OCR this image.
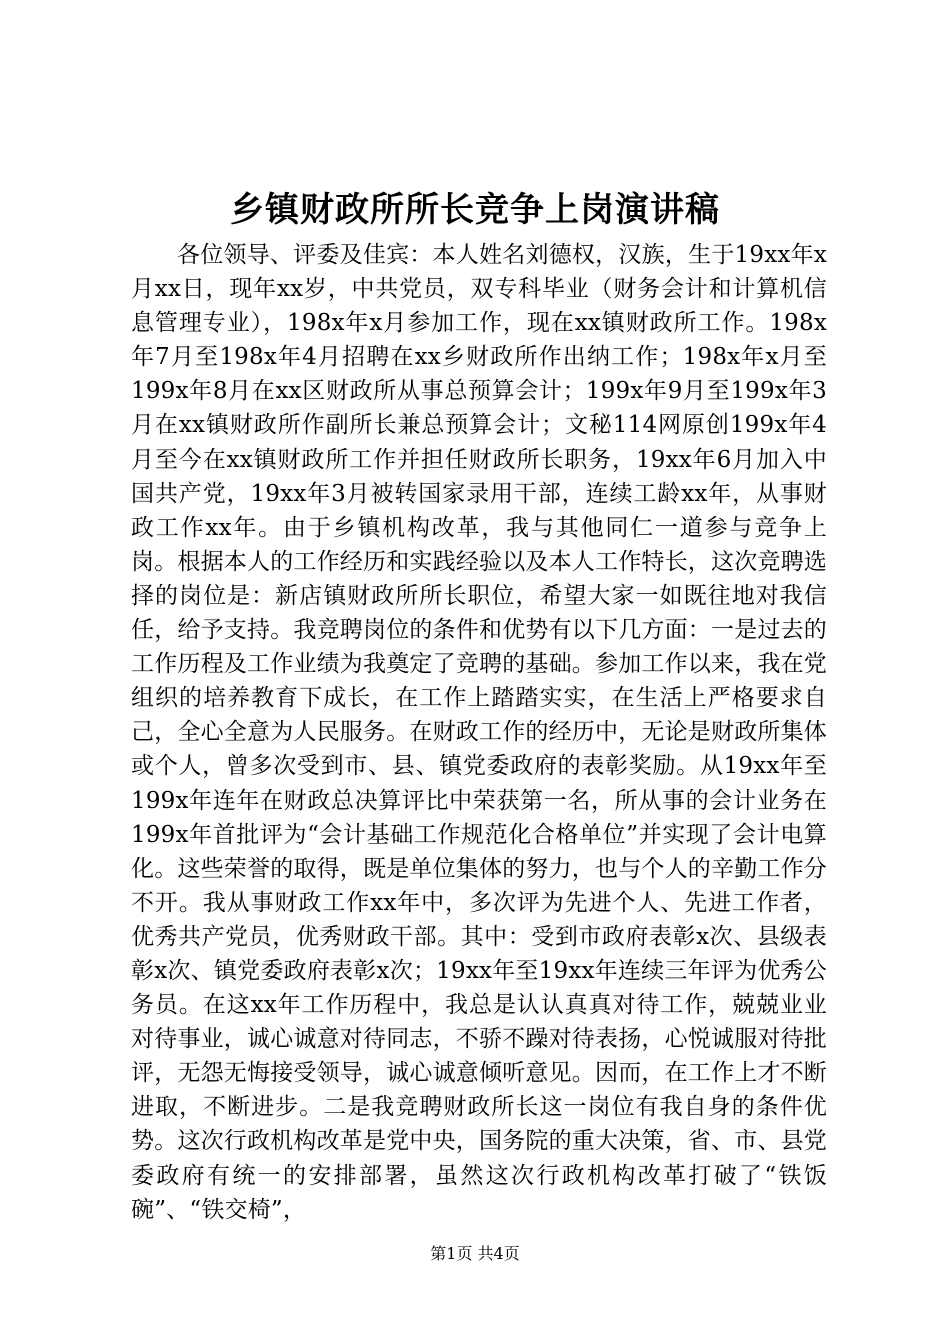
乡镇财政所所长竞争上岗演讲稿

各位领导、评委及佳宾：本人姓名刘德权，汉族，生于19xx年x月xx日，现年xx岁，中共党员，双专科毕业（财务会计和计算机信息管理专业），198x年x月参加工作，现在xx镇财政所工作。198x年7月至198x年4月招聘在xx乡财政所作出纳工作；198x年x月至199x年8月在xx区财政所从事总预算会计；199x年9月至199x年3月在xx镇财政所作副所长兼总预算会计；文秘114网原创199x年4月至今在xx镇财政所工作并担任财政所长职务，19xx年6月加入中国共产党，19xx年3月被转国家录用干部，连续工龄xx年，从事财政工作xx年。由于乡镇机构改革，我与其他同仁一道参与竞争上岗。根据本人的工作经历和实践经验以及本人工作特长，这次竞聘选择的岗位是：新店镇财政所所长职位，希望大家一如既往地对我信任，给予支持。我竞聘岗位的条件和优势有以下几方面：一是过去的工作历程及工作业绩为我奠定了竞聘的基础。参加工作以来，我在党组织的培养教育下成长，在工作上踏踏实实，在生活上严格要求自己，全心全意为人民服务。在财政工作的经历中，无论是财政所集体或个人，曾多次受到市、县、镇党委政府的表彰奖励。从19xx年至199x年连年在财政总决算评比中荣获第一名，所从事的会计业务在199x年首批评为“会计基础工作规范化合格单位”并实现了会计电算化。这些荣誉的取得，既是单位集体的努力，也与个人的辛勤工作分不开。我从事财政工作xx年中，多次评为先进个人、先进工作者，优秀共产党员，优秀财政干部。其中：受到市政府表彰x次、县级表彰x次、镇党委政府表彰x次；19xx年至19xx年连续三年评为优秀公务员。在这xx年工作历程中，我总是认认真真对待工作，兢兢业业对待事业，诚心诚意对待同志，不骄不躁对待表扬，心悦诚服对待批评，无怨无悔接受领导，诚心诚意倾听意见。因而，在工作上才不断进取，不断进步。二是我竞聘财政所长这一岗位有我自身的条件优势。这次行政机构改革是党中央，国务院的重大决策，省、市、县党委政府有统一的安排部署，虽然这次行政机构改革打破了“铁饭碗”、“铁交椅”，

第1页 共4页
